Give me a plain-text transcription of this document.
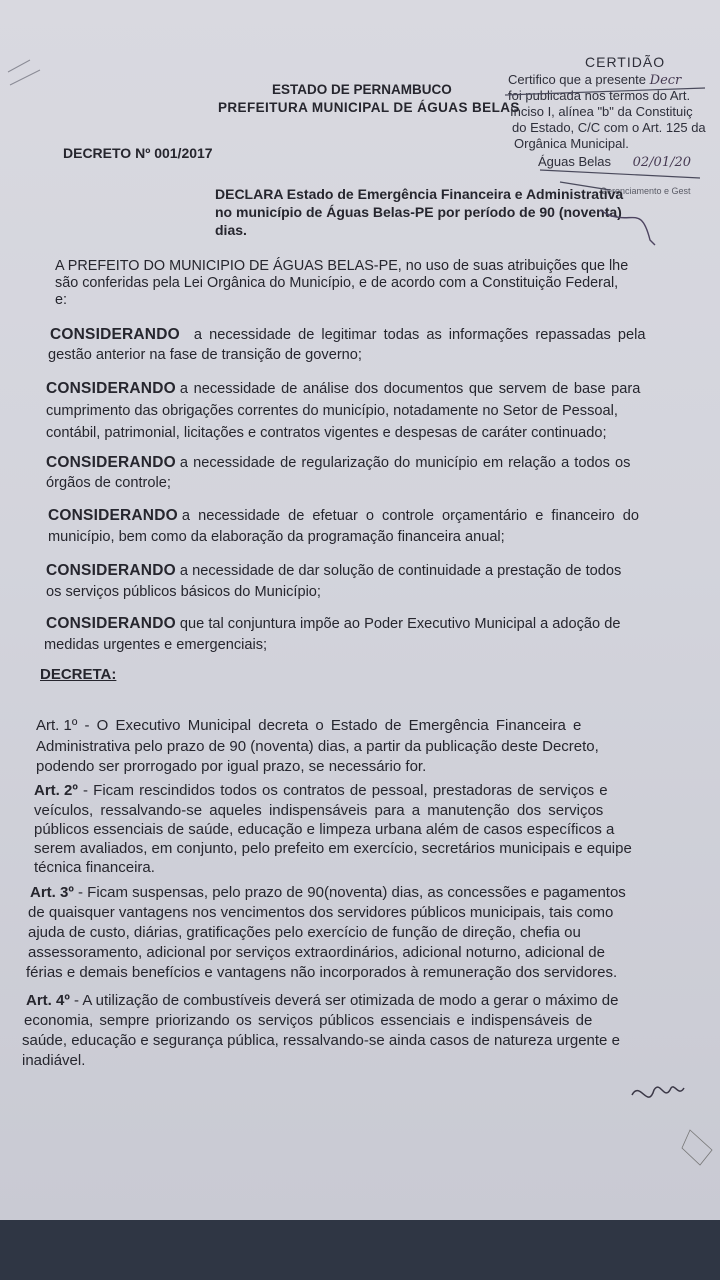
ESTADO DE PERNAMBUCO
PREFEITURA MUNICIPAL DE ÁGUAS BELAS
CERTIDÃO
Certifico que a presente Decr
foi publicada nos termos do Art.
Inciso I, alínea "b" da Constituiç
do Estado, C/C com o Art. 125 da
Orgânica Municipal.
Águas Belas 02/01/20
Gerenciamento e Gest
DECRETO Nº 001/2017
DECLARA Estado de Emergência Financeira e Administrativa
no município de Águas Belas-PE por período de 90 (noventa)
dias.
A PREFEITO DO MUNICIPIO DE ÁGUAS BELAS-PE, no uso de suas atribuições que lhe
são conferidas pela Lei Orgânica do Município, e de acordo com a Constituição Federal,
e:
CONSIDERANDO a necessidade de legitimar todas as informações repassadas pela
gestão anterior na fase de transição de governo;
CONSIDERANDO a necessidade de análise dos documentos que servem de base para
cumprimento das obrigações correntes do município, notadamente no Setor de Pessoal,
contábil, patrimonial, licitações e contratos vigentes e despesas de caráter continuado;
CONSIDERANDO a necessidade de regularização do município em relação a todos os
órgãos de controle;
CONSIDERANDO a necessidade de efetuar o controle orçamentário e financeiro do
município, bem como da elaboração da programação financeira anual;
CONSIDERANDO a necessidade de dar solução de continuidade a prestação de todos
os serviços públicos básicos do Município;
CONSIDERANDO que tal conjuntura impõe ao Poder Executivo Municipal a adoção de
medidas urgentes e emergenciais;
DECRETA:
Art. 1º - O Executivo Municipal decreta o Estado de Emergência Financeira e
Administrativa pelo prazo de 90 (noventa) dias, a partir da publicação deste Decreto,
podendo ser prorrogado por igual prazo, se necessário for.
Art. 2º - Ficam rescindidos todos os contratos de pessoal, prestadoras de serviços e
veículos, ressalvando-se aqueles indispensáveis para a manutenção dos serviços
públicos essenciais de saúde, educação e limpeza urbana além de casos específicos a
serem avaliados, em conjunto, pelo prefeito em exercício, secretários municipais e equipe
técnica financeira.
Art. 3º - Ficam suspensas, pelo prazo de 90(noventa) dias, as concessões e pagamentos
de quaisquer vantagens nos vencimentos dos servidores públicos municipais, tais como
ajuda de custo, diárias, gratificações pelo exercício de função de direção, chefia ou
assessoramento, adicional por serviços extraordinários, adicional noturno, adicional de
férias e demais benefícios e vantagens não incorporados à remuneração dos servidores.
Art. 4º - A utilização de combustíveis deverá ser otimizada de modo a gerar o máximo de
economia, sempre priorizando os serviços públicos essenciais e indispensáveis de
saúde, educação e segurança pública, ressalvando-se ainda casos de natureza urgente e
inadiável.
